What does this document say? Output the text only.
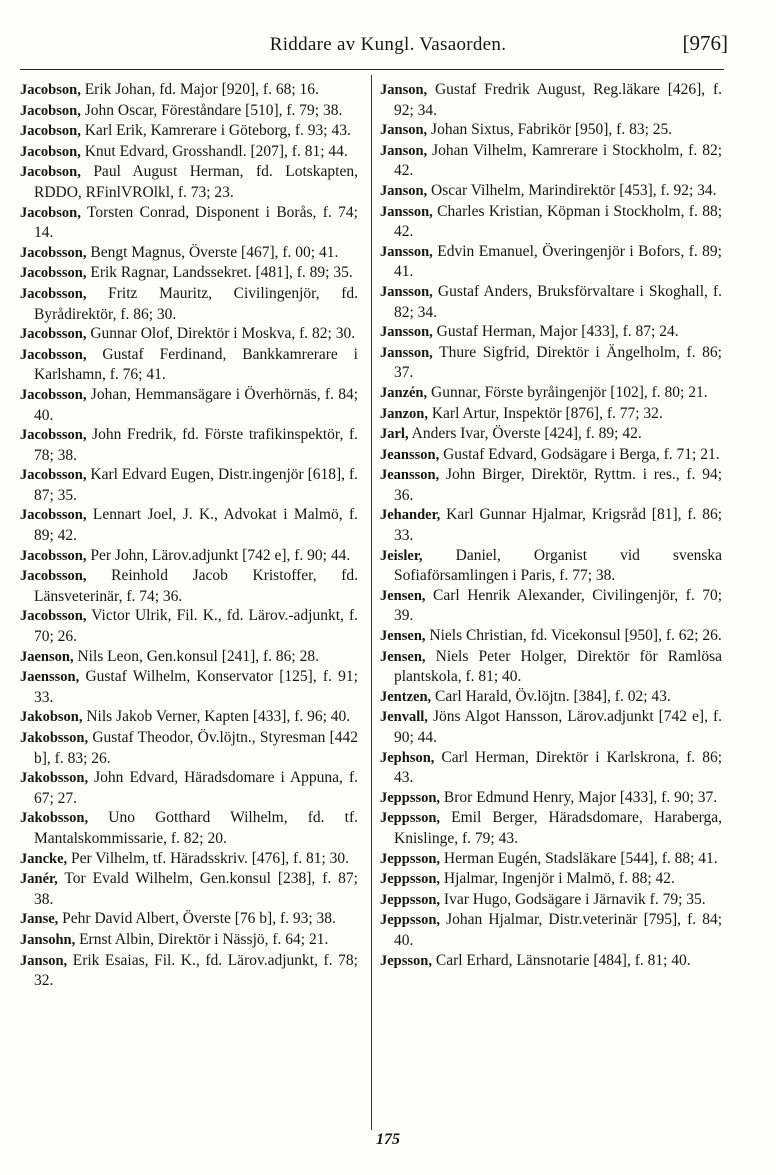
Riddare av Kungl. Vasaorden.	[976]
Jacobson, Erik Johan, fd. Major [920], f. 68; 16.
Jacobson, John Oscar, Föreståndare [510], f. 79; 38.
Jacobson, Karl Erik, Kamrerare i Göteborg, f. 93; 43.
Jacobson, Knut Edvard, Grosshandl. [207], f. 81; 44.
Jacobson, Paul August Herman, fd. Lotskapten, RDDO, RFinlVROlkl, f. 73; 23.
Jacobson, Torsten Conrad, Disponent i Borås, f. 74; 14.
Jacobsson, Bengt Magnus, Överste [467], f. 00; 41.
Jacobsson, Erik Ragnar, Landssekret. [481], f. 89; 35.
Jacobsson, Fritz Mauritz, Civilingenjör, fd. Byrådirektör, f. 86; 30.
Jacobsson, Gunnar Olof, Direktör i Moskva, f. 82; 30.
Jacobsson, Gustaf Ferdinand, Bankkamrerare i Karlshamn, f. 76; 41.
Jacobsson, Johan, Hemmansägare i Överhörnäs, f. 84; 40.
Jacobsson, John Fredrik, fd. Förste trafikinspektör, f. 78; 38.
Jacobsson, Karl Edvard Eugen, Distr.ingenjör [618], f. 87; 35.
Jacobsson, Lennart Joel, J. K., Advokat i Malmö, f. 89; 42.
Jacobsson, Per John, Lärov.adjunkt [742 e], f. 90; 44.
Jacobsson, Reinhold Jacob Kristoffer, fd. Länsveterinär, f. 74; 36.
Jacobsson, Victor Ulrik, Fil. K., fd. Lärov.-adjunkt, f. 70; 26.
Jaenson, Nils Leon, Gen.konsul [241], f. 86; 28.
Jaensson, Gustaf Wilhelm, Konservator [125], f. 91; 33.
Jakobson, Nils Jakob Verner, Kapten [433], f. 96; 40.
Jakobsson, Gustaf Theodor, Öv.löjtn., Styresman [442 b], f. 83; 26.
Jakobsson, John Edvard, Häradsdomare i Appuna, f. 67; 27.
Jakobsson, Uno Gotthard Wilhelm, fd. tf. Mantalskommissarie, f. 82; 20.
Jancke, Per Vilhelm, tf. Häradsskriv. [476], f. 81; 30.
Janér, Tor Evald Wilhelm, Gen.konsul [238], f. 87; 38.
Janse, Pehr David Albert, Överste [76 b], f. 93; 38.
Jansohn, Ernst Albin, Direktör i Nässjö, f. 64; 21.
Janson, Erik Esaias, Fil. K., fd. Lärov.adjunkt, f. 78; 32.
Janson, Gustaf Fredrik August, Reg.läkare [426], f. 92; 34.
Janson, Johan Sixtus, Fabrikör [950], f. 83; 25.
Janson, Johan Vilhelm, Kamrerare i Stockholm, f. 82; 42.
Janson, Oscar Vilhelm, Marindirektör [453], f. 92; 34.
Jansson, Charles Kristian, Köpman i Stockholm, f. 88; 42.
Jansson, Edvin Emanuel, Överingenjör i Bofors, f. 89; 41.
Jansson, Gustaf Anders, Bruksförvaltare i Skoghall, f. 82; 34.
Jansson, Gustaf Herman, Major [433], f. 87; 24.
Jansson, Thure Sigfrid, Direktör i Ängelholm, f. 86; 37.
Janzén, Gunnar, Förste byråingenjör [102], f. 80; 21.
Janzon, Karl Artur, Inspektör [876], f. 77; 32.
Jarl, Anders Ivar, Överste [424], f. 89; 42.
Jeansson, Gustaf Edvard, Godsägare i Berga, f. 71; 21.
Jeansson, John Birger, Direktör, Ryttm. i res., f. 94; 36.
Jehander, Karl Gunnar Hjalmar, Krigsråd [81], f. 86; 33.
Jeisler, Daniel, Organist vid svenska Sofiaförsamlingen i Paris, f. 77; 38.
Jensen, Carl Henrik Alexander, Civilingenjör, f. 70; 39.
Jensen, Niels Christian, fd. Vicekonsul [950], f. 62; 26.
Jensen, Niels Peter Holger, Direktör för Ramlösa plantskola, f. 81; 40.
Jentzen, Carl Harald, Öv.löjtn. [384], f. 02; 43.
Jenvall, Jöns Algot Hansson, Lärov.adjunkt [742 e], f. 90; 44.
Jephson, Carl Herman, Direktör i Karlskrona, f. 86; 43.
Jeppsson, Bror Edmund Henry, Major [433], f. 90; 37.
Jeppsson, Emil Berger, Häradsdomare, Haraberga, Knislinge, f. 79; 43.
Jeppsson, Herman Eugén, Stadsläkare [544], f. 88; 41.
Jeppsson, Hjalmar, Ingenjör i Malmö, f. 88; 42.
Jeppsson, Ivar Hugo, Godsägare i Järnavik f. 79; 35.
Jeppsson, Johan Hjalmar, Distr.veterinär [795], f. 84; 40.
Jepsson, Carl Erhard, Länsnotarie [484], f. 81; 40.
175
